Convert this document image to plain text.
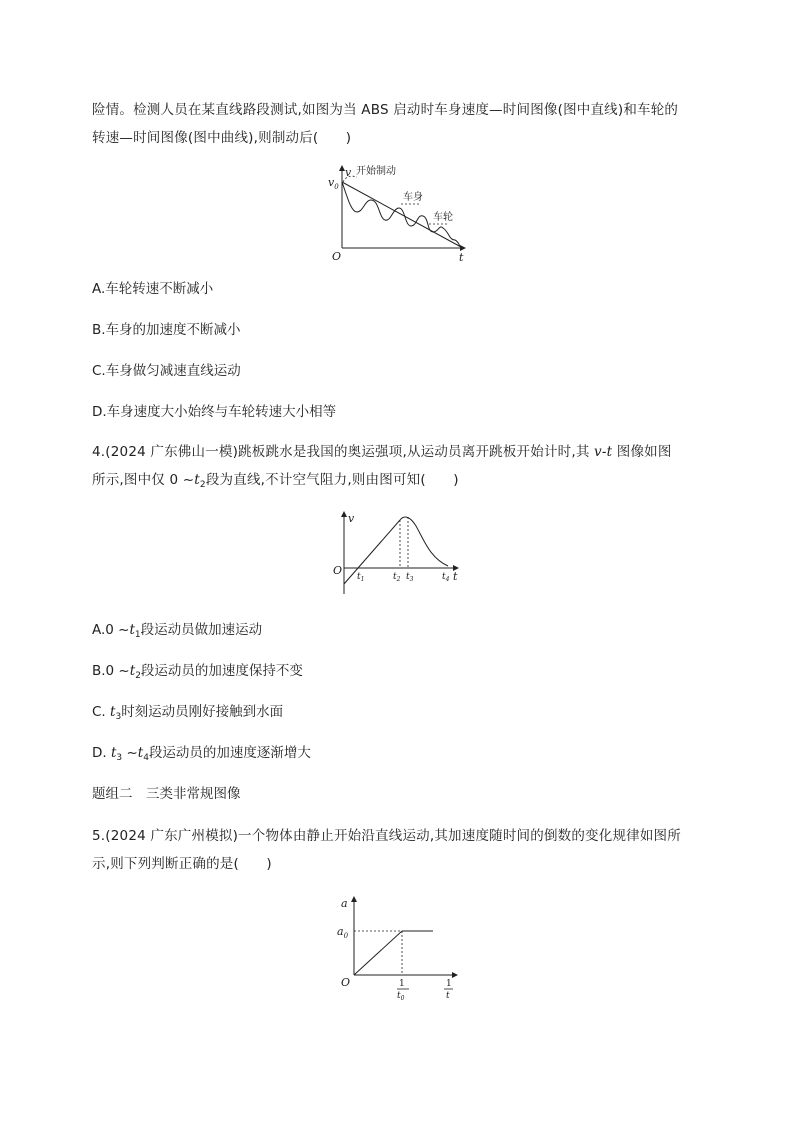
险情。检测人员在某直线路段测试,如图为当 ABS 启动时车身速度—时间图像(图中直线)和车轮的
转速—时间图像(图中曲线),则制动后(　　)
v
$v_0$
O	t
开始制动
车身
车轮
A.车轮转速不断减小
B.车身的加速度不断减小
C.车身做匀减速直线运动
D.车身速度大小始终与车轮转速大小相等
4.(2024 广东佛山一模)跳板跳水是我国的奥运强项,从运动员离开跳板开始计时,其 v-t 图像如图
所示,图中仅 0 $\sim t_2$段为直线,不计空气阻力,则由图可知(　　)
v
O	t
$t_1$	$t_2$ $t_3$	$t_4$
A.0 $\sim t_1$段运动员做加速运动
B.0 $\sim t_2$段运动员的加速度保持不变
C. $t_3$时刻运动员刚好接触到水面
D. $t_3$ $\sim t_4$段运动员的加速度逐渐增大
题组二　三类非常规图像
5.(2024 广东广州模拟)一个物体由静止开始沿直线运动,其加速度随时间的倒数的变化规律如图所
示,则下列判断正确的是(　　)
a
$a_0$
O	1
$t_0$
1
t
